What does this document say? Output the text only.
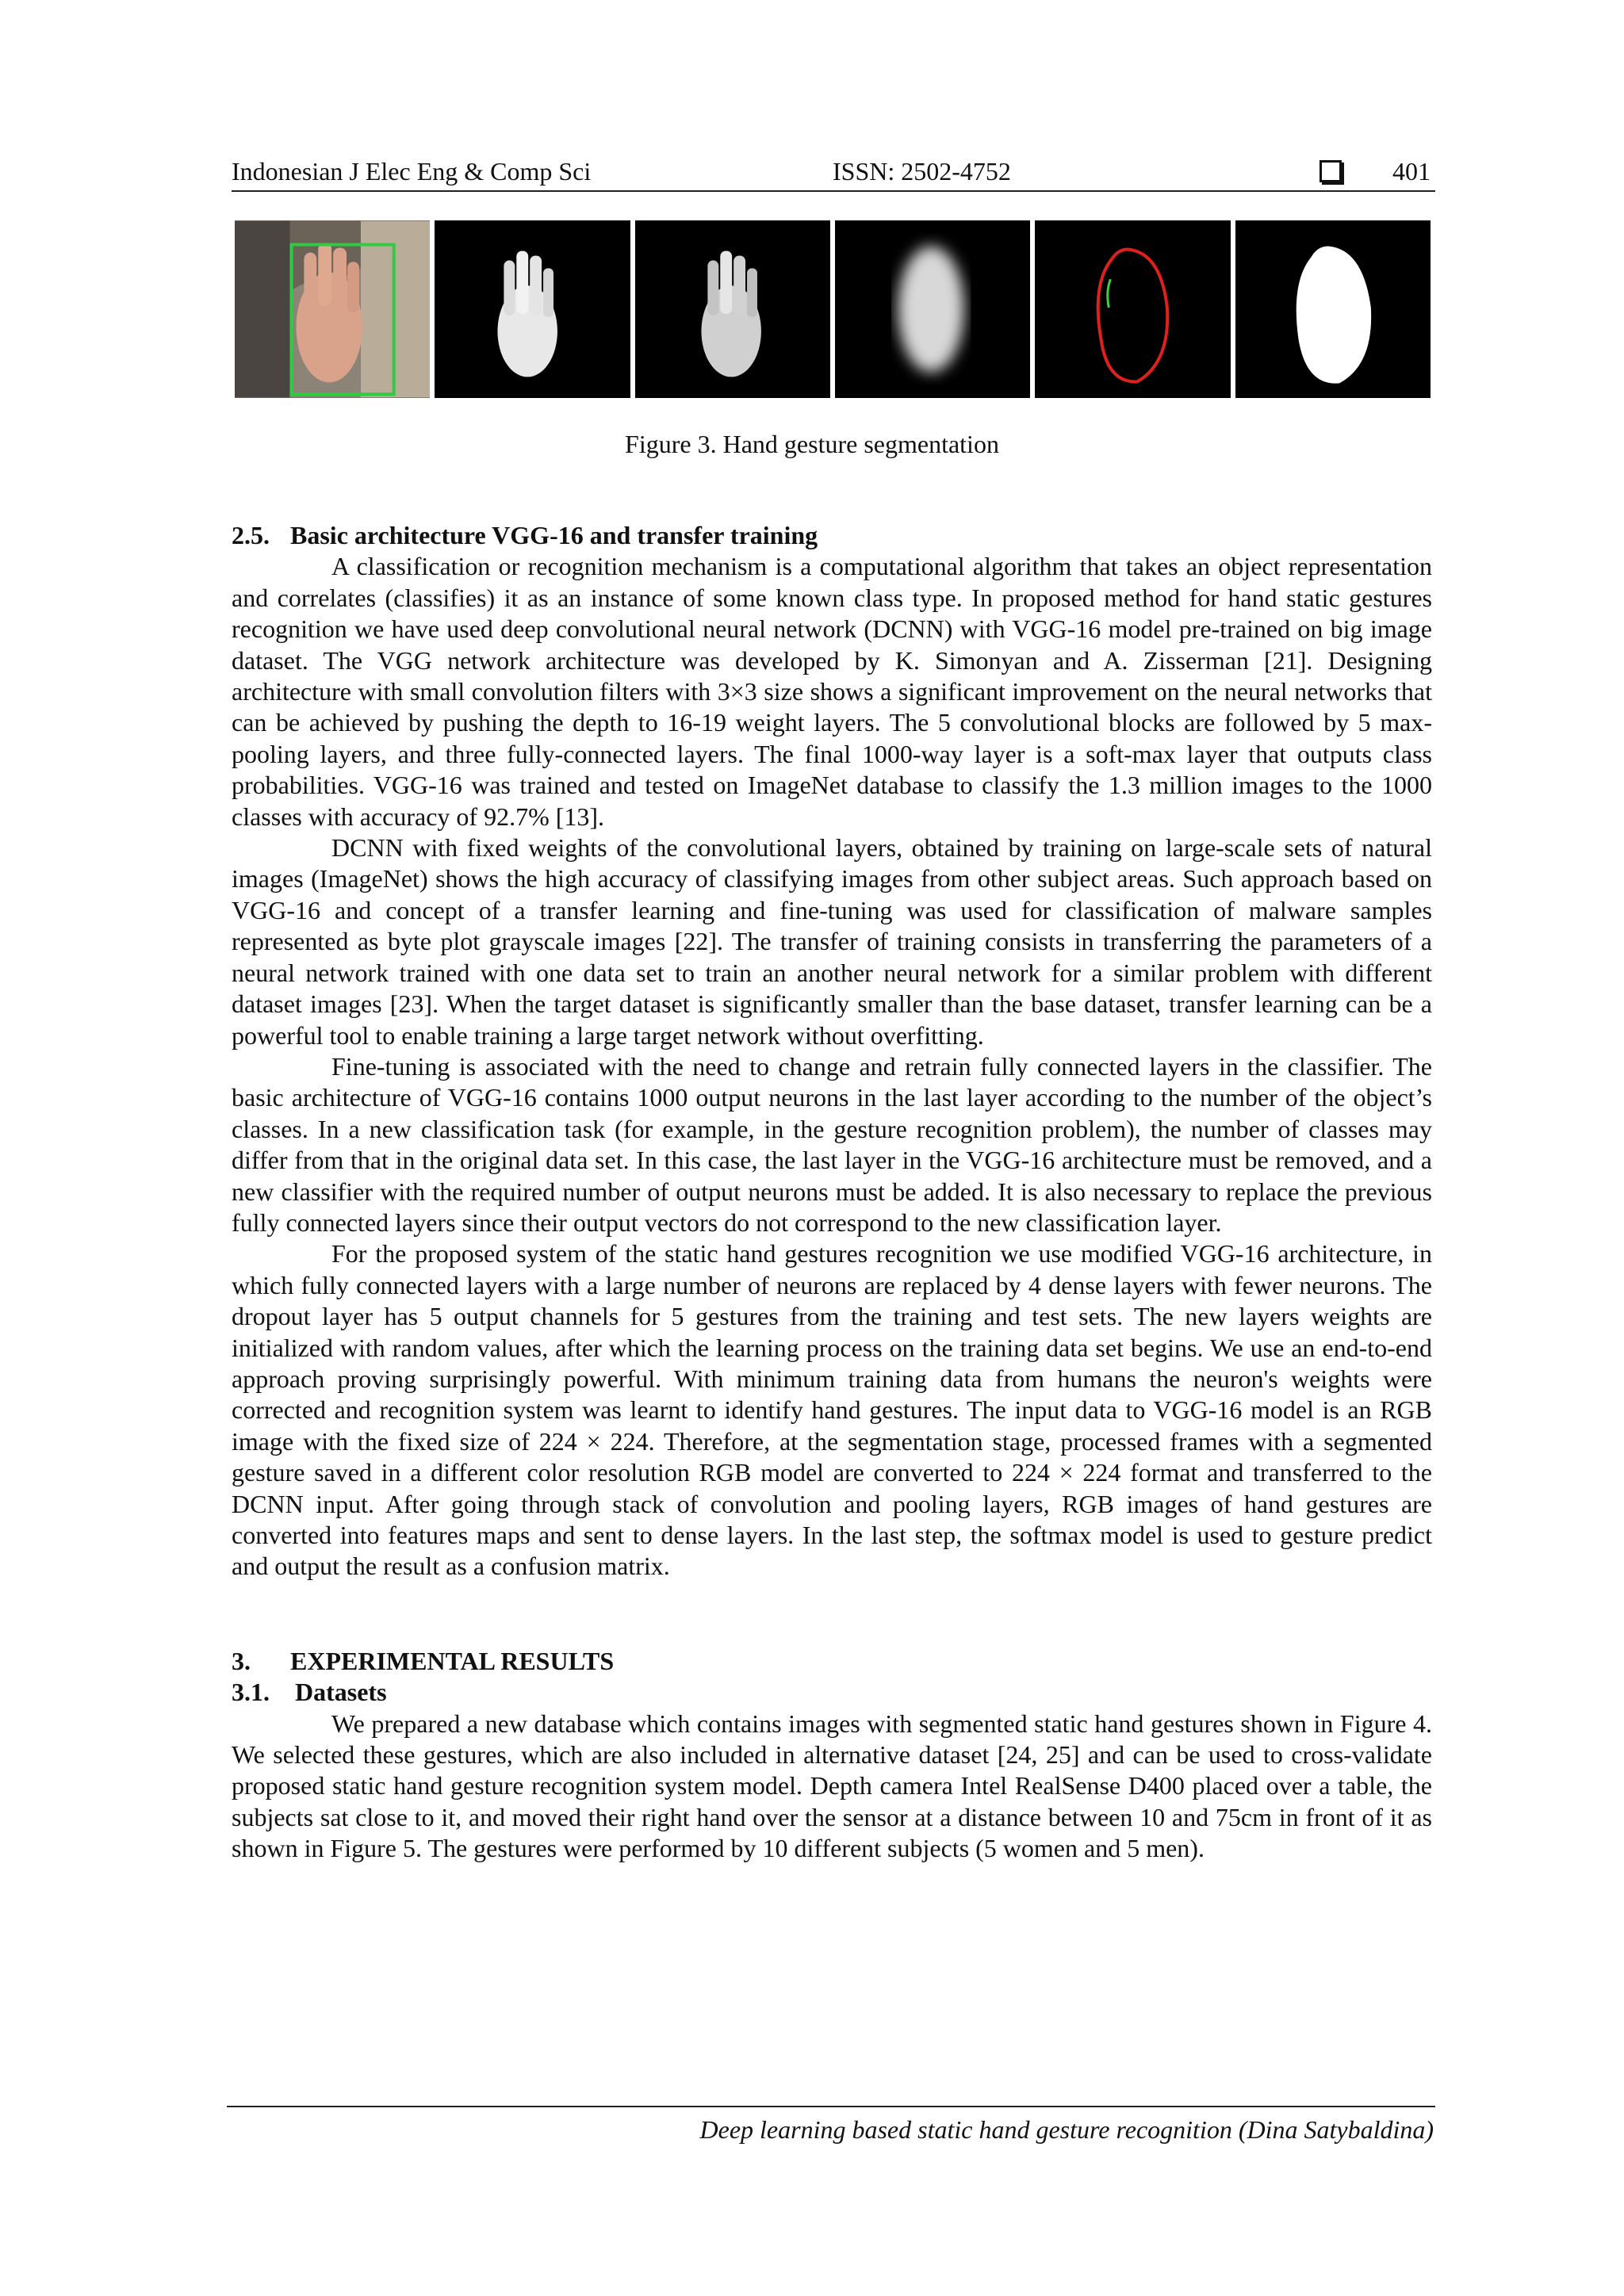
Indonesian J Elec Eng & Comp Sci	ISSN: 2502-4752	401
Figure 3. Hand gesture segmentation
2.5. Basic architecture VGG-16 and transfer training

A classification or recognition mechanism is a computational algorithm that takes an object representation and correlates (classifies) it as an instance of some known class type. In proposed method for hand static gestures recognition we have used deep convolutional neural network (DCNN) with VGG-16 model pre-trained on big image dataset. The VGG network architecture was developed by K. Simonyan and A. Zisserman [21]. Designing architecture with small convolution filters with 3×3 size shows a significant improvement on the neural networks that can be achieved by pushing the depth to 16-19 weight layers. The 5 convolutional blocks are followed by 5 max-pooling layers, and three fully-connected layers. The final 1000-way layer is a soft-max layer that outputs class probabilities. VGG-16 was trained and tested on ImageNet database to classify the 1.3 million images to the 1000 classes with accuracy of 92.7% [13].

DCNN with fixed weights of the convolutional layers, obtained by training on large-scale sets of natural images (ImageNet) shows the high accuracy of classifying images from other subject areas. Such approach based on VGG-16 and concept of a transfer learning and fine-tuning was used for classification of malware samples represented as byte plot grayscale images [22]. The transfer of training consists in transferring the parameters of a neural network trained with one data set to train an another neural network for a similar problem with different dataset images [23]. When the target dataset is significantly smaller than the base dataset, transfer learning can be a powerful tool to enable training a large target network without overfitting.

Fine-tuning is associated with the need to change and retrain fully connected layers in the classifier. The basic architecture of VGG-16 contains 1000 output neurons in the last layer according to the number of the object’s classes. In a new classification task (for example, in the gesture recognition problem), the number of classes may differ from that in the original data set. In this case, the last layer in the VGG-16 architecture must be removed, and a new classifier with the required number of output neurons must be added. It is also necessary to replace the previous fully connected layers since their output vectors do not correspond to the new classification layer.

For the proposed system of the static hand gestures recognition we use modified VGG-16 architecture, in which fully connected layers with a large number of neurons are replaced by 4 dense layers with fewer neurons. The dropout layer has 5 output channels for 5 gestures from the training and test sets. The new layers weights are initialized with random values, after which the learning process on the training data set begins. We use an end-to-end approach proving surprisingly powerful. With minimum training data from humans the neuron's weights were corrected and recognition system was learnt to identify hand gestures. The input data to VGG-16 model is an RGB image with the fixed size of 224 × 224. Therefore, at the segmentation stage, processed frames with a segmented gesture saved in a different color resolution RGB model are converted to 224 × 224 format and transferred to the DCNN input. After going through stack of convolution and pooling layers, RGB images of hand gestures are converted into features maps and sent to dense layers. In the last step, the softmax model is used to gesture predict and output the result as a confusion matrix.

3. EXPERIMENTAL RESULTS
3.1. Datasets

We prepared a new database which contains images with segmented static hand gestures shown in Figure 4. We selected these gestures, which are also included in alternative dataset [24, 25] and can be used to cross-validate proposed static hand gesture recognition system model. Depth camera Intel RealSense D400 placed over a table, the subjects sat close to it, and moved their right hand over the sensor at a distance between 10 and 75cm in front of it as shown in Figure 5. The gestures were performed by 10 different subjects (5 women and 5 men).

Deep learning based static hand gesture recognition (Dina Satybaldina)
